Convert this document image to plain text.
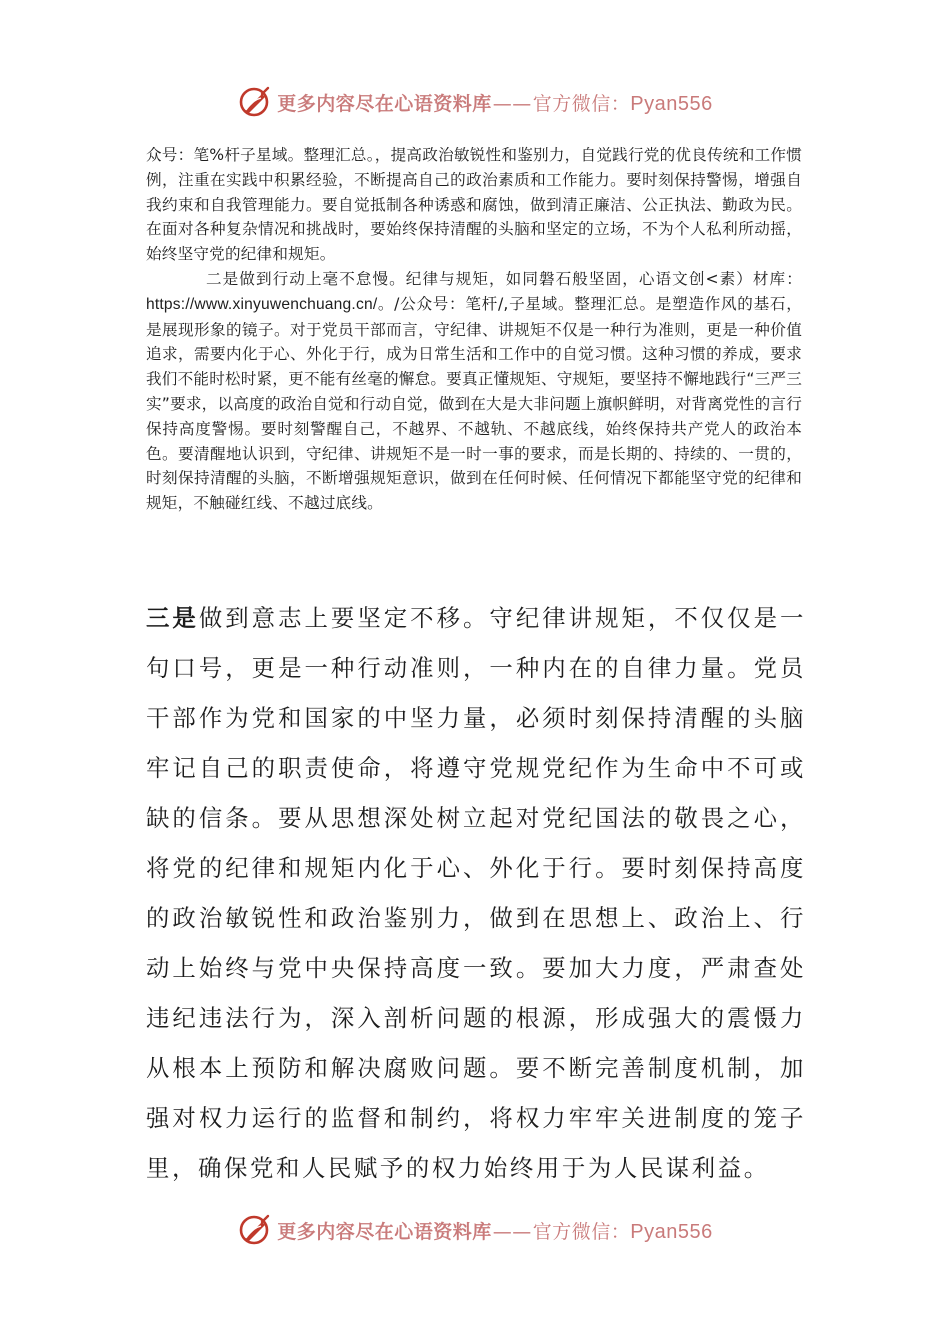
更多内容尽在心语资料库——官方微信：Pyan556

众号：笔%杆子星域。整理汇总。，提高政治敏锐性和鉴别力，自觉践行党的优良传统和工作惯例，注重在实践中积累经验，不断提高自己的政治素质和工作能力。要时刻保持警惕，增强自我约束和自我管理能力。要自觉抵制各种诱惑和腐蚀，做到清正廉洁、公正执法、勤政为民。在面对各种复杂情况和挑战时，要始终保持清醒的头脑和坚定的立场，不为个人私利所动摇，始终坚守党的纪律和规矩。

二是做到行动上毫不怠慢。纪律与规矩，如同磐石般坚固，心语文创<素）材库：https://www.xinyuwenchuang.cn/。/公众号：笔杆/,子星域。整理汇总。是塑造作风的基石，是展现形象的镜子。对于党员干部而言，守纪律、讲规矩不仅是一种行为准则，更是一种价值追求，需要内化于心、外化于行，成为日常生活和工作中的自觉习惯。这种习惯的养成，要求我们不能时松时紧，更不能有丝毫的懈怠。要真正懂规矩、守规矩，要坚持不懈地践行“三严三实”要求，以高度的政治自觉和行动自觉，做到在大是大非问题上旗帜鲜明，对背离党性的言行保持高度警惕。要时刻警醒自己，不越界、不越轨、不越底线，始终保持共产党人的政治本色。要清醒地认识到，守纪律、讲规矩不是一时一事的要求，而是长期的、持续的、一贯的，时刻保持清醒的头脑，不断增强规矩意识，做到在任何时候、任何情况下都能坚守党的纪律和规矩，不触碰红线、不越过底线。

三是做到意志上要坚定不移。守纪律讲规矩，不仅仅是一句口号，更是一种行动准则，一种内在的自律力量。党员干部作为党和国家的中坚力量，必须时刻保持清醒的头脑牢记自己的职责使命，将遵守党规党纪作为生命中不可或缺的信条。要从思想深处树立起对党纪国法的敬畏之心，将党的纪律和规矩内化于心、外化于行。要时刻保持高度的政治敏锐性和政治鉴别力，做到在思想上、政治上、行动上始终与党中央保持高度一致。要加大力度，严肃查处违纪违法行为，深入剖析问题的根源，形成强大的震慑力从根本上预防和解决腐败问题。要不断完善制度机制，加强对权力运行的监督和制约，将权力牢牢关进制度的笼子里，确保党和人民赋予的权力始终用于为人民谋利益。

更多内容尽在心语资料库——官方微信：Pyan556
